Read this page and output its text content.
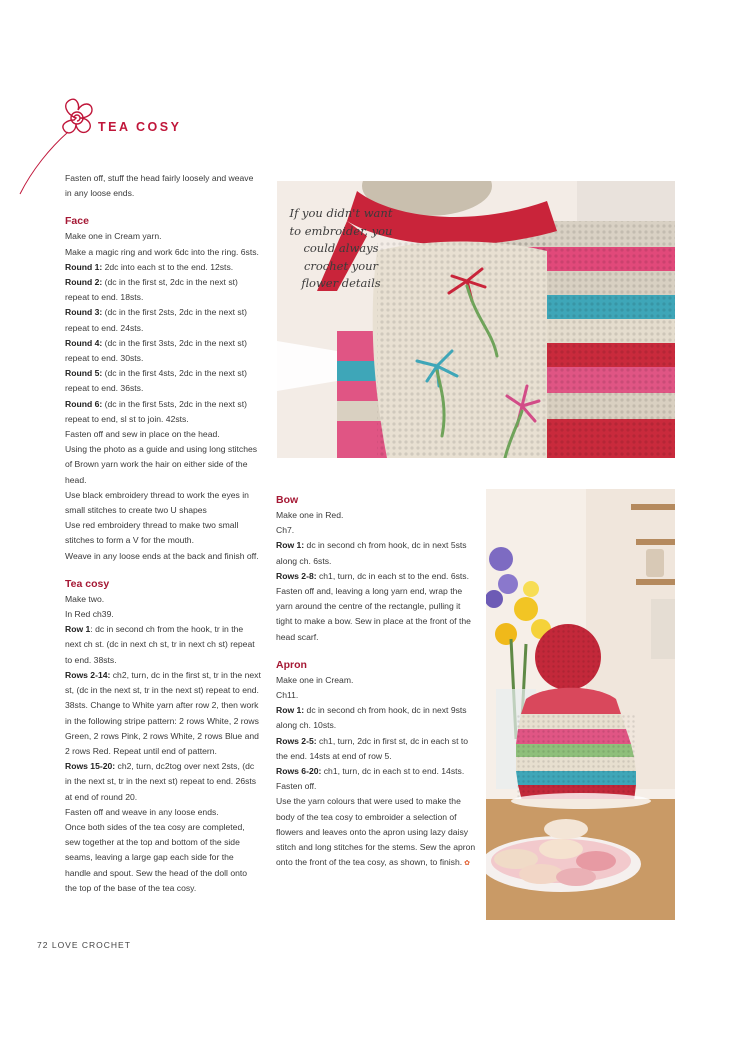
TEA COSY

Fasten off, stuff the head fairly loosely and weave in any loose ends.

Face

Make one in Cream yarn.

Make a magic ring and work 6dc into the ring. 6sts.

Round 1: 2dc into each st to the end. 12sts.

Round 2: (dc in the first st, 2dc in the next st) repeat to end. 18sts.

Round 3: (dc in the first 2sts, 2dc in the next st) repeat to end. 24sts.

Round 4: (dc in the first 3sts, 2dc in the next st) repeat to end. 30sts.

Round 5: (dc in the first 4sts, 2dc in the next st) repeat to end. 36sts.

Round 6: (dc in the first 5sts, 2dc in the next st) repeat to end, sl st to join. 42sts.

Fasten off and sew in place on the head.

Using the photo as a guide and using long stitches of Brown yarn work the hair on either side of the head.

Use black embroidery thread to work the eyes in small stitches to create two U shapes

Use red embroidery thread to make two small stitches to form a V for the mouth.

Weave in any loose ends at the back and finish off.

Tea cosy

Make two.

In Red ch39.

Row 1: dc in second ch from the hook, tr in the next ch st. (dc in next ch st, tr in next ch st) repeat to end. 38sts.

Rows 2-14: ch2, turn, dc in the first st, tr in the next st, (dc in the next st, tr in the next st) repeat to end. 38sts. Change to White yarn after row 2, then work in the following stripe pattern: 2 rows White, 2 rows Green, 2 rows Pink, 2 rows White, 2 rows Blue and 2 rows Red. Repeat until end of pattern.

Rows 15-20: ch2, turn, dc2tog over next 2sts, (dc in the next st, tr in the next st) repeat to end. 26sts at end of round 20.

Fasten off and weave in any loose ends.

Once both sides of the tea cosy are completed, sew together at the top and bottom of the side seams, leaving a large gap each side for the handle and spout. Sew the head of the doll onto the top of the base of the tea cosy.

If you didn't want to embroider, you could always crochet your flower details
Bow

Make one in Red.

Ch7.

Row 1: dc in second ch from hook, dc in next 5sts along ch. 6sts.

Rows 2-8: ch1, turn, dc in each st to the end. 6sts. Fasten off and, leaving a long yarn end, wrap the yarn around the centre of the rectangle, pulling it tight to make a bow. Sew in place at the front of the head scarf.

Apron

Make one in Cream.

Ch11.

Row 1: dc in second ch from hook, dc in next 9sts along ch. 10sts.

Rows 2-5: ch1, turn, 2dc in first st, dc in each st to the end. 14sts at end of row 5.

Rows 6-20: ch1, turn, dc in each st to end. 14sts. Fasten off.

Use the yarn colours that were used to make the body of the tea cosy to embroider a selection of flowers and leaves onto the apron using lazy daisy stitch and long stitches for the stems. Sew the apron onto the front of the tea cosy, as shown, to finish. ✿

72 LOVE CROCHET
